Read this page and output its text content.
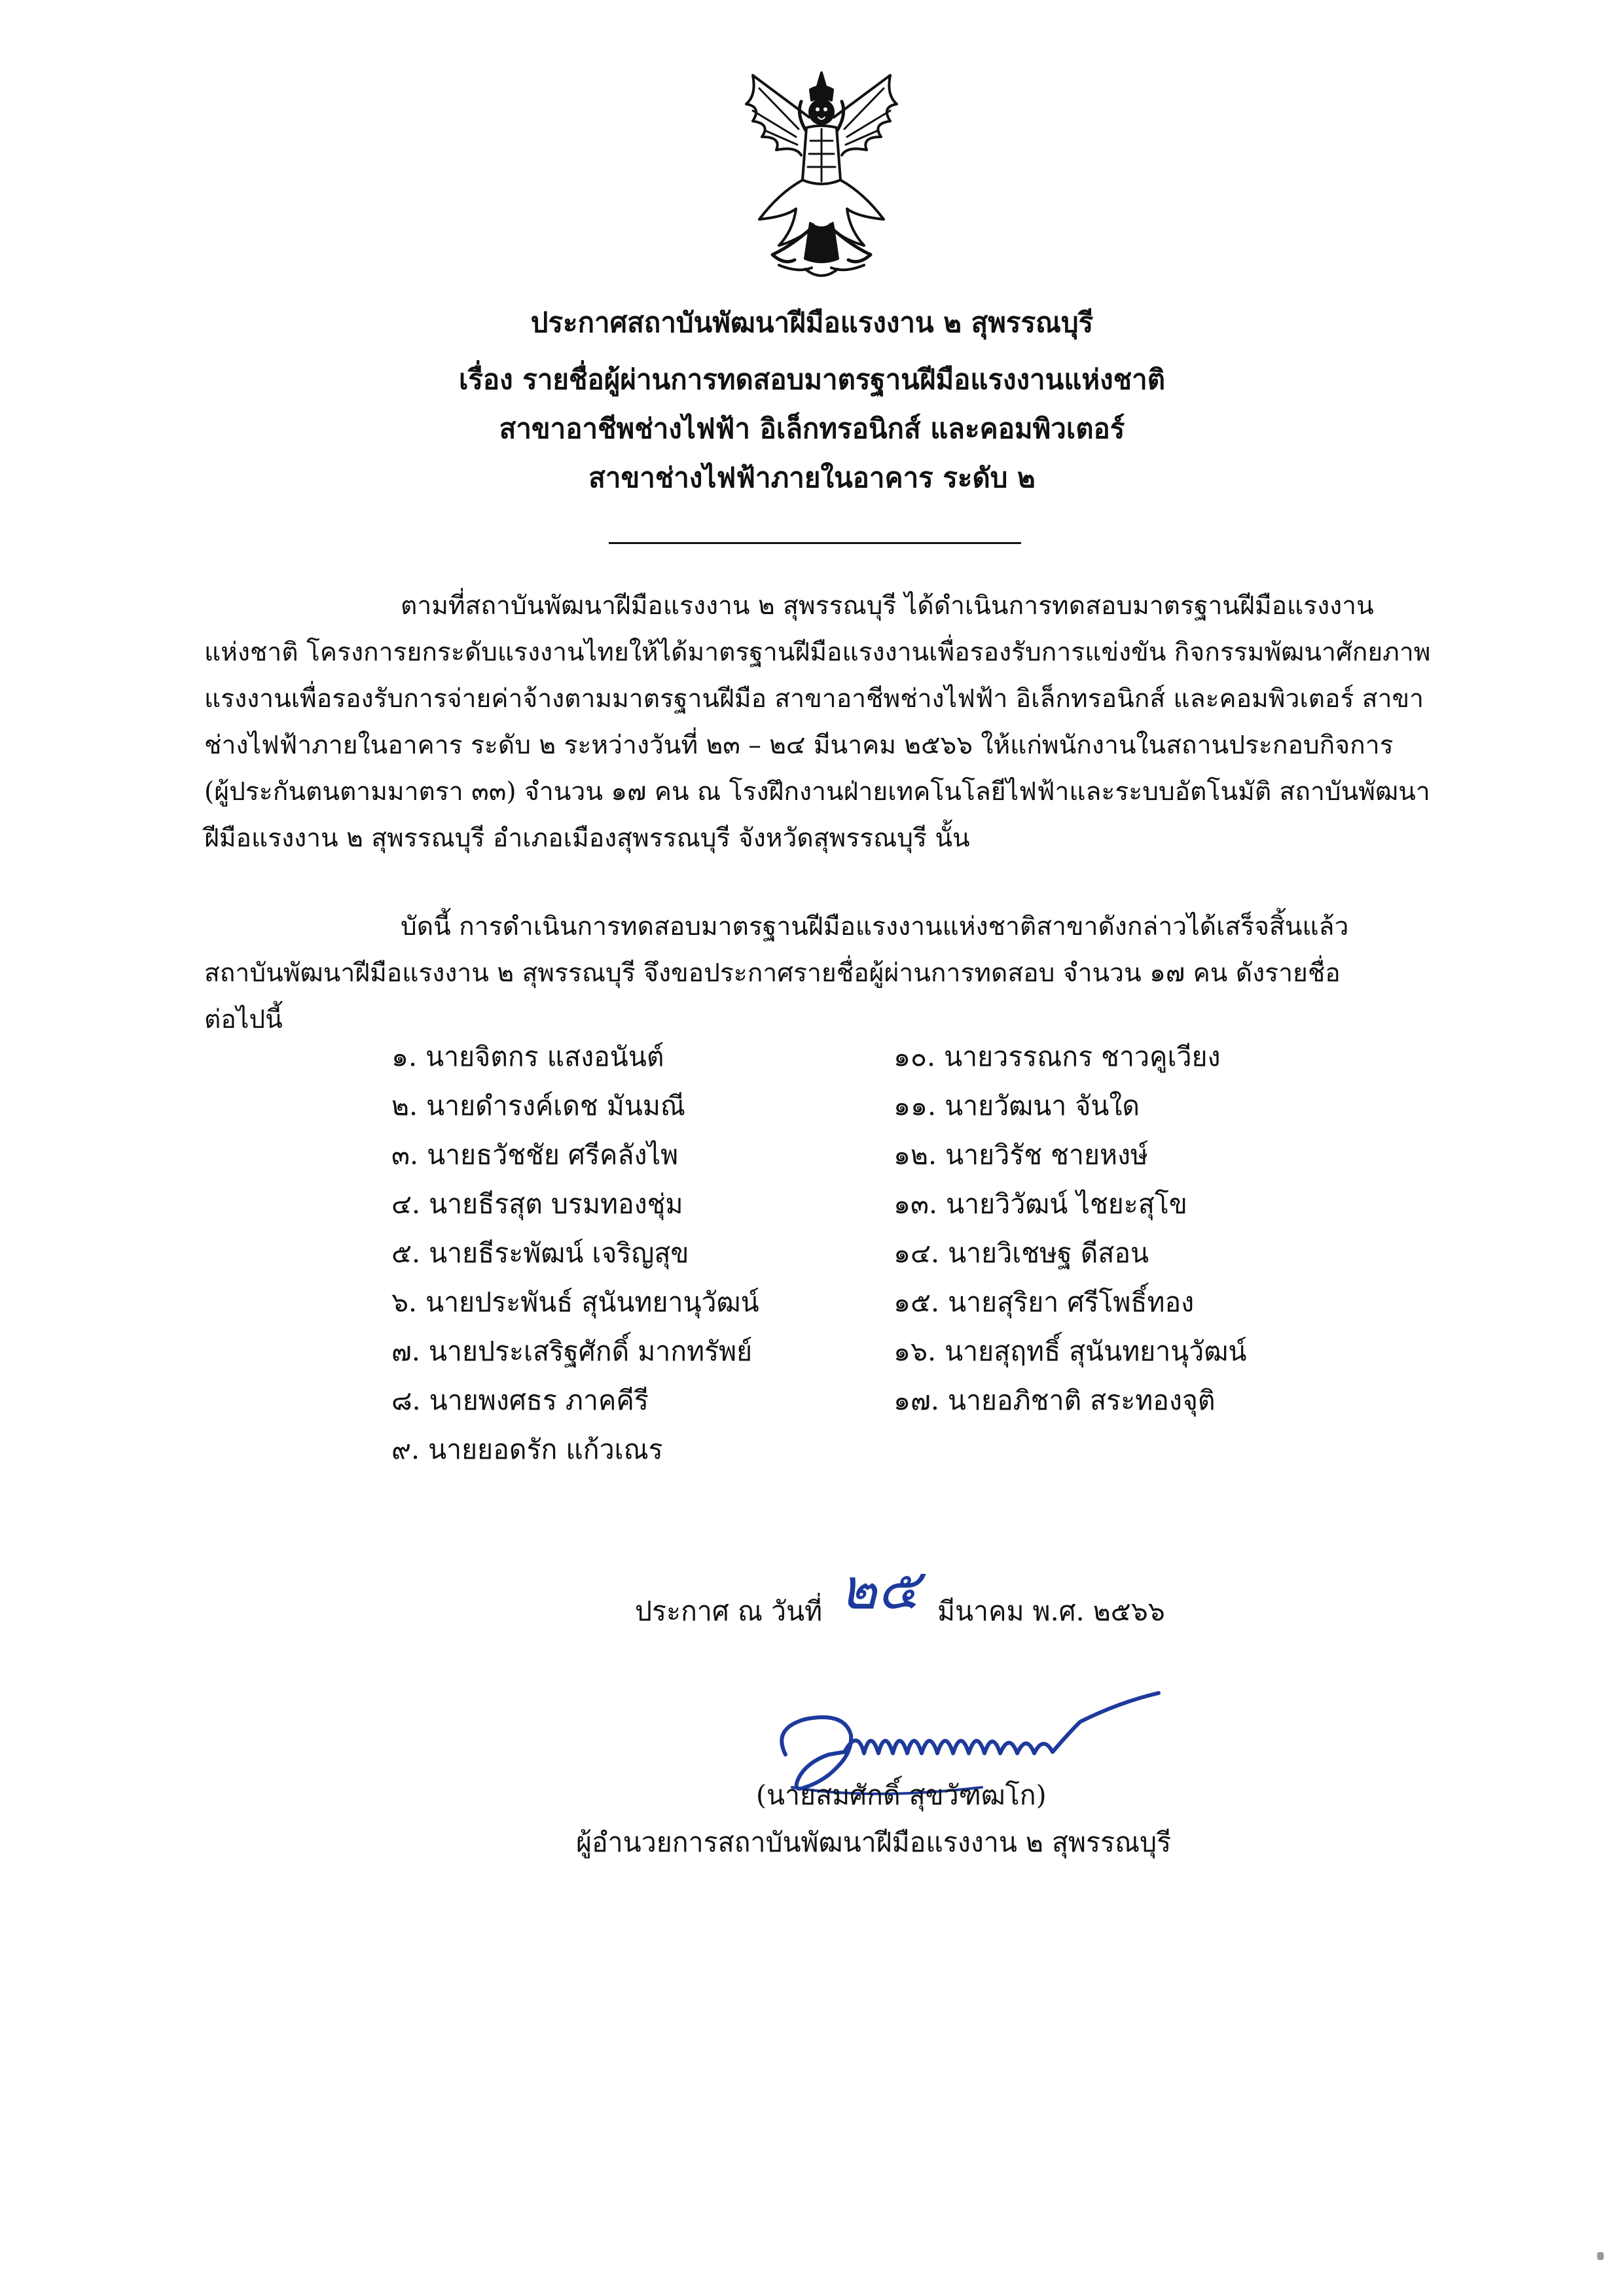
ประกาศสถาบันพัฒนาฝีมือแรงงาน ๒ สุพรรณบุรี
เรื่อง รายชื่อผู้ผ่านการทดสอบมาตรฐานฝีมือแรงงานแห่งชาติ
สาขาอาชีพช่างไฟฟ้า อิเล็กทรอนิกส์ และคอมพิวเตอร์
สาขาช่างไฟฟ้าภายในอาคาร ระดับ ๒
ตามที่สถาบันพัฒนาฝีมือแรงงาน ๒ สุพรรณบุรี ได้ดำเนินการทดสอบมาตรฐานฝีมือแรงงาน
แห่งชาติ โครงการยกระดับแรงงานไทยให้ได้มาตรฐานฝีมือแรงงานเพื่อรองรับการแข่งขัน กิจกรรมพัฒนาศักยภาพ
แรงงานเพื่อรองรับการจ่ายค่าจ้างตามมาตรฐานฝีมือ สาขาอาชีพช่างไฟฟ้า อิเล็กทรอนิกส์ และคอมพิวเตอร์ สาขา
ช่างไฟฟ้าภายในอาคาร ระดับ ๒ ระหว่างวันที่ ๒๓ – ๒๔ มีนาคม ๒๕๖๖ ให้แก่พนักงานในสถานประกอบกิจการ
(ผู้ประกันตนตามมาตรา ๓๓) จำนวน ๑๗ คน ณ โรงฝึกงานฝ่ายเทคโนโลยีไฟฟ้าและระบบอัตโนมัติ สถาบันพัฒนา
ฝีมือแรงงาน ๒ สุพรรณบุรี อำเภอเมืองสุพรรณบุรี จังหวัดสุพรรณบุรี นั้น
บัดนี้ การดำเนินการทดสอบมาตรฐานฝีมือแรงงานแห่งชาติสาขาดังกล่าวได้เสร็จสิ้นแล้ว
สถาบันพัฒนาฝีมือแรงงาน ๒ สุพรรณบุรี จึงขอประกาศรายชื่อผู้ผ่านการทดสอบ จำนวน ๑๗ คน ดังรายชื่อ
ต่อไปนี้
๑. นายจิตกร แสงอนันต์
๒. นายดำรงค์เดช มันมณี
๓. นายธวัชชัย ศรีคลังไพ
๔. นายธีรสุต บรมทองชุ่ม
๕. นายธีระพัฒน์ เจริญสุข
๖. นายประพันธ์ สุนันทยานุวัฒน์
๗. นายประเสริฐศักดิ์ มากทรัพย์
๘. นายพงศธร ภาคคีรี
๙. นายยอดรัก แก้วเณร
๑๐. นายวรรณกร ชาวคูเวียง
๑๑. นายวัฒนา จันใด
๑๒. นายวิรัช ชายหงษ์
๑๓. นายวิวัฒน์ ไชยะสุโข
๑๔. นายวิเชษฐ ดีสอน
๑๕. นายสุริยา ศรีโพธิ์ทอง
๑๖. นายสุฤทธิ์ สุนันทยานุวัฒน์
๑๗. นายอภิชาติ สระทองจุติ
ประกาศ ณ วันที่ ๒๕ มีนาคม พ.ศ. ๒๕๖๖
(นายสมศักดิ์ สุขวัฑฒโก)
ผู้อำนวยการสถาบันพัฒนาฝีมือแรงงาน ๒ สุพรรณบุรี
